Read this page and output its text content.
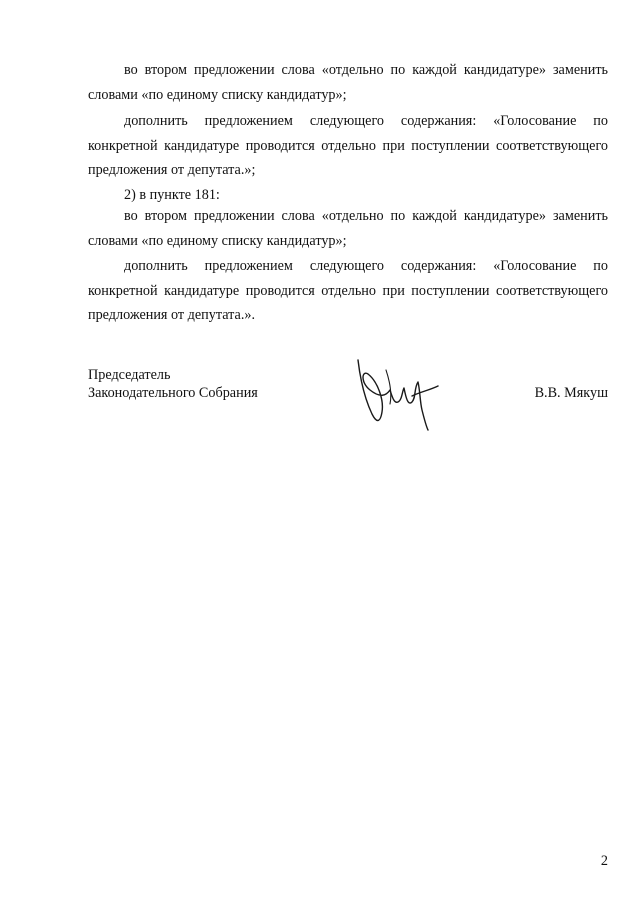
во втором предложении слова «отдельно по каждой кандидатуре» заменить словами «по единому списку кандидатур»;

дополнить предложением следующего содержания: «Голосование по конкретной кандидатуре проводится отдельно при поступлении соответствующего предложения от депутата.»;

2) в пункте 181:

во втором предложении слова «отдельно по каждой кандидатуре» заменить словами «по единому списку кандидатур»;

дополнить предложением следующего содержания: «Голосование по конкретной кандидатуре проводится отдельно при поступлении соответствующего предложения от депутата.».

Председатель
Законодательного Собрания	В.В. Мякуш
2
